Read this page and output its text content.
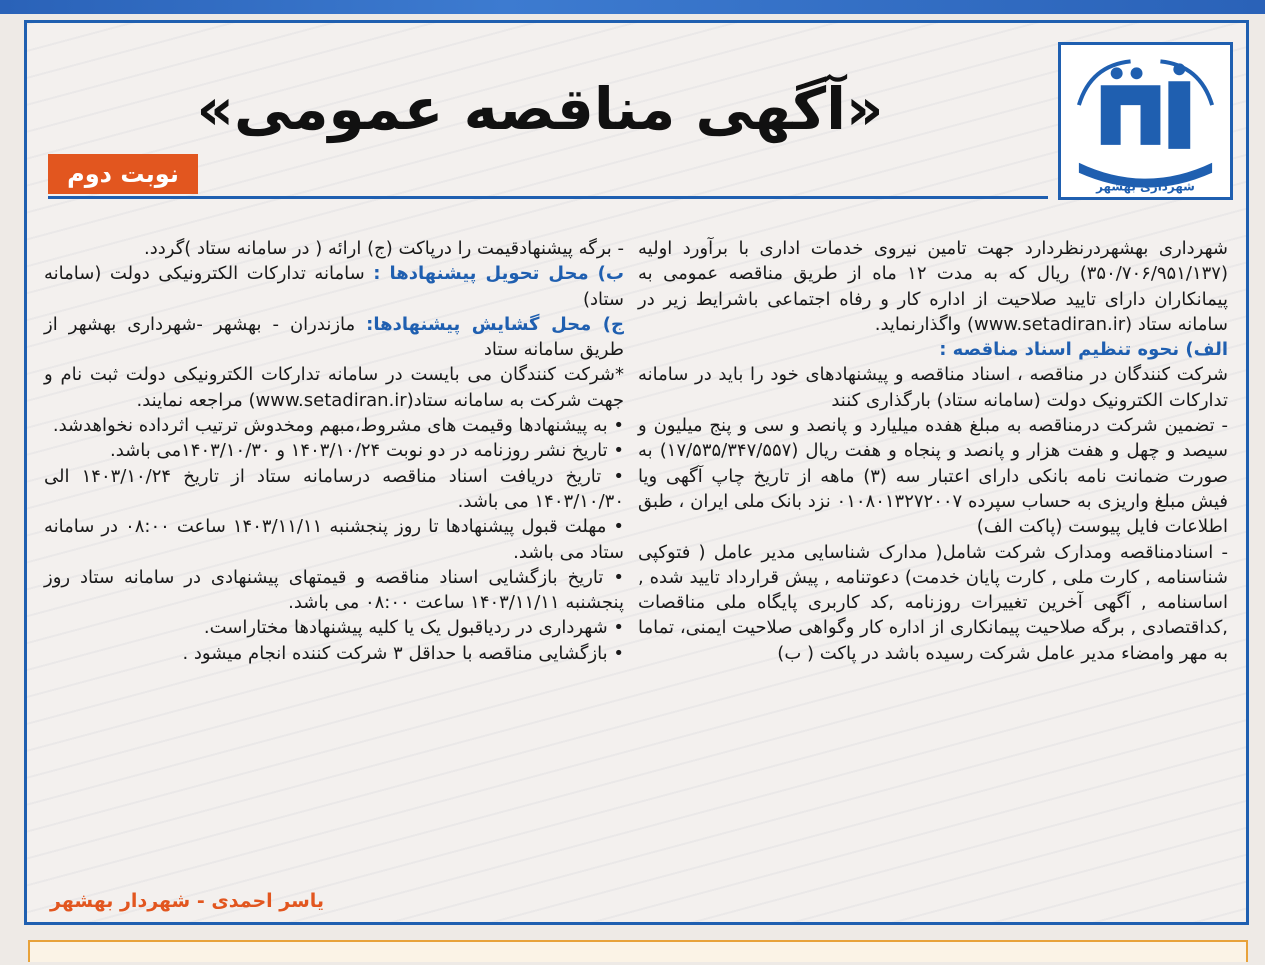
شهرداری بهشهر
«آگهی مناقصه عمومی»
نوبت دوم

شهرداری بهشهردرنظردارد جهت تامین نیروی خدمات اداری با برآورد اولیه (۳۵۰/۷۰۶/۹۵۱/۱۳۷) ریال که به مدت ۱۲ ماه از طریق مناقصه عمومی به پیمانکاران دارای تایید صلاحیت از اداره کار و رفاه اجتماعی باشرایط زیر در سامانه ستاد (www.setadiran.ir) واگذارنماید.

الف) نحوه تنظیم اسناد مناقصه :

شرکت کنندگان در مناقصه ، اسناد مناقصه و پیشنهادهای خود را باید در سامانه تدارکات الکترونیک دولت (سامانه ستاد) بارگذاری کنند

- تضمین شرکت درمناقصه به مبلغ هفده میلیارد و پانصد و سی و پنج میلیون و سیصد و چهل و هفت هزار و پانصد و پنجاه و هفت ریال (۱۷/۵۳۵/۳۴۷/۵۵۷) به صورت ضمانت نامه بانکی دارای اعتبار سه (۳) ماهه از تاریخ چاپ آگهی ویا فیش مبلغ واریزی به حساب سپرده ۰۱۰۸۰۱۳۲۷۲۰۰۷ نزد بانک ملی ایران ، طبق اطلاعات فایل پیوست (پاکت الف)

- اسنادمناقصه ومدارک شرکت شامل( مدارک شناسایی مدیر عامل ( فتوکپی شناسنامه , کارت ملی , کارت پایان خدمت) دعوتنامه , پیش قرارداد تایید شده , اساسنامه , آگهی آخرین تغییرات روزنامه ,کد کاربری پایگاه ملی مناقصات ,کداقتصادی , برگه صلاحیت پیمانکاری از اداره کار وگواهی صلاحیت ایمنی، تماما به مهر وامضاء مدیر عامل شرکت رسیده باشد در پاکت ( ب)

- برگه پیشنهادقیمت را درپاکت (ج) ارائه ( در سامانه ستاد )گردد.

ب) محل تحویل پیشنهادها : سامانه تدارکات الکترونیکی دولت (سامانه ستاد)

ج) محل گشایش پیشنهادها: مازندران - بهشهر -شهرداری بهشهر از طریق سامانه ستاد

*شرکت کنندگان می بایست در سامانه تدارکات الکترونیکی دولت ثبت نام و جهت شرکت به سامانه ستاد(www.setadiran.ir) مراجعه نمایند.

• به پیشنهادها وقیمت های مشروط،مبهم ومخدوش ترتیب اثرداده نخواهدشد.

• تاریخ نشر روزنامه در دو نوبت ۱۴۰۳/۱۰/۲۴ و ۱۴۰۳/۱۰/۳۰می باشد.

• تاریخ دریافت اسناد مناقصه درسامانه ستاد از تاریخ ۱۴۰۳/۱۰/۲۴ الی ۱۴۰۳/۱۰/۳۰ می باشد.

• مهلت قبول پیشنهادها تا روز پنجشنبه ۱۴۰۳/۱۱/۱۱ ساعت ۰۸:۰۰ در سامانه ستاد می باشد.

• تاریخ بازگشایی اسناد مناقصه و قیمتهای پیشنهادی در سامانه ستاد روز پنجشنبه ۱۴۰۳/۱۱/۱۱ ساعت ۰۸:۰۰ می باشد.

• شهرداری در ردیاقبول یک یا کلیه پیشنهادها مختاراست.

• بازگشایی مناقصه با حداقل ۳ شرکت کننده انجام میشود .

یاسر احمدی - شهردار بهشهر
